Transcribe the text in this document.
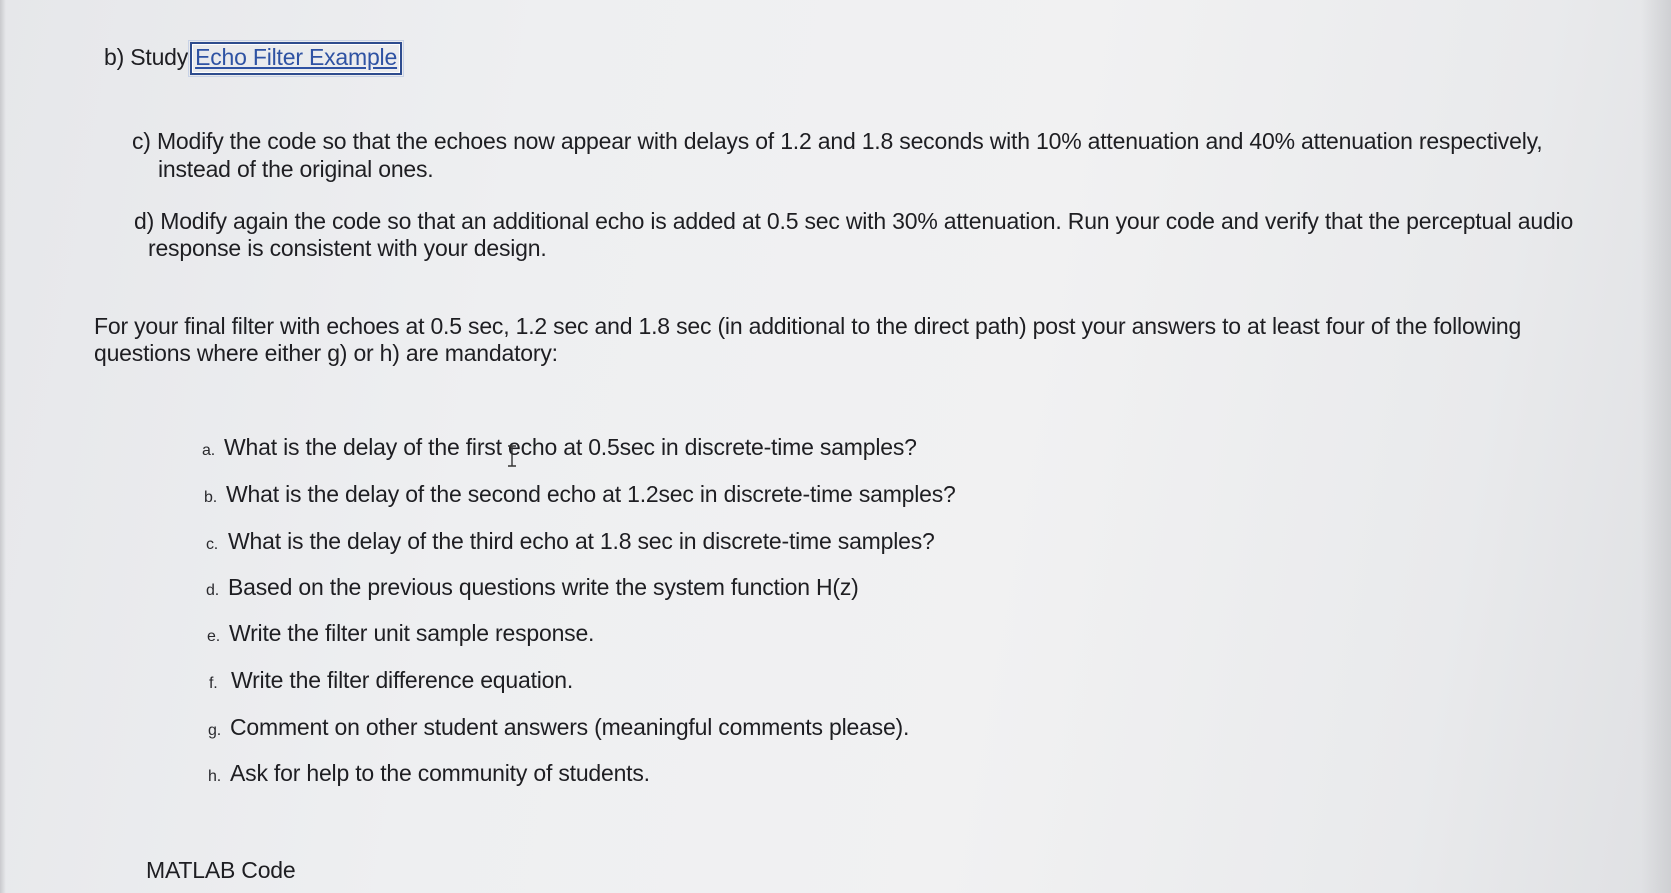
b) Study Echo Filter Example
c) Modify the code so that the echoes now appear with delays of 1.2 and 1.8 seconds with 10% attenuation and 40% attenuation respectively,
instead of the original ones.
d) Modify again the code so that an additional echo is added at 0.5 sec with 30% attenuation. Run your code and verify that the perceptual audio
response is consistent with your design.
For your final filter with echoes at 0.5 sec, 1.2 sec and 1.8 sec (in additional to the direct path) post your answers to at least four of the following
questions where either g) or h) are mandatory:
a. What is the delay of the first echo at 0.5sec in discrete-time samples?
b. What is the delay of the second echo at 1.2sec in discrete-time samples?
c. What is the delay of the third echo at 1.8 sec in discrete-time samples?
d. Based on the previous questions write the system function H(z)
e. Write the filter unit sample response.
f. Write the filter difference equation.
g. Comment on other student answers (meaningful comments please).
h. Ask for help to the community of students.
MATLAB Code
